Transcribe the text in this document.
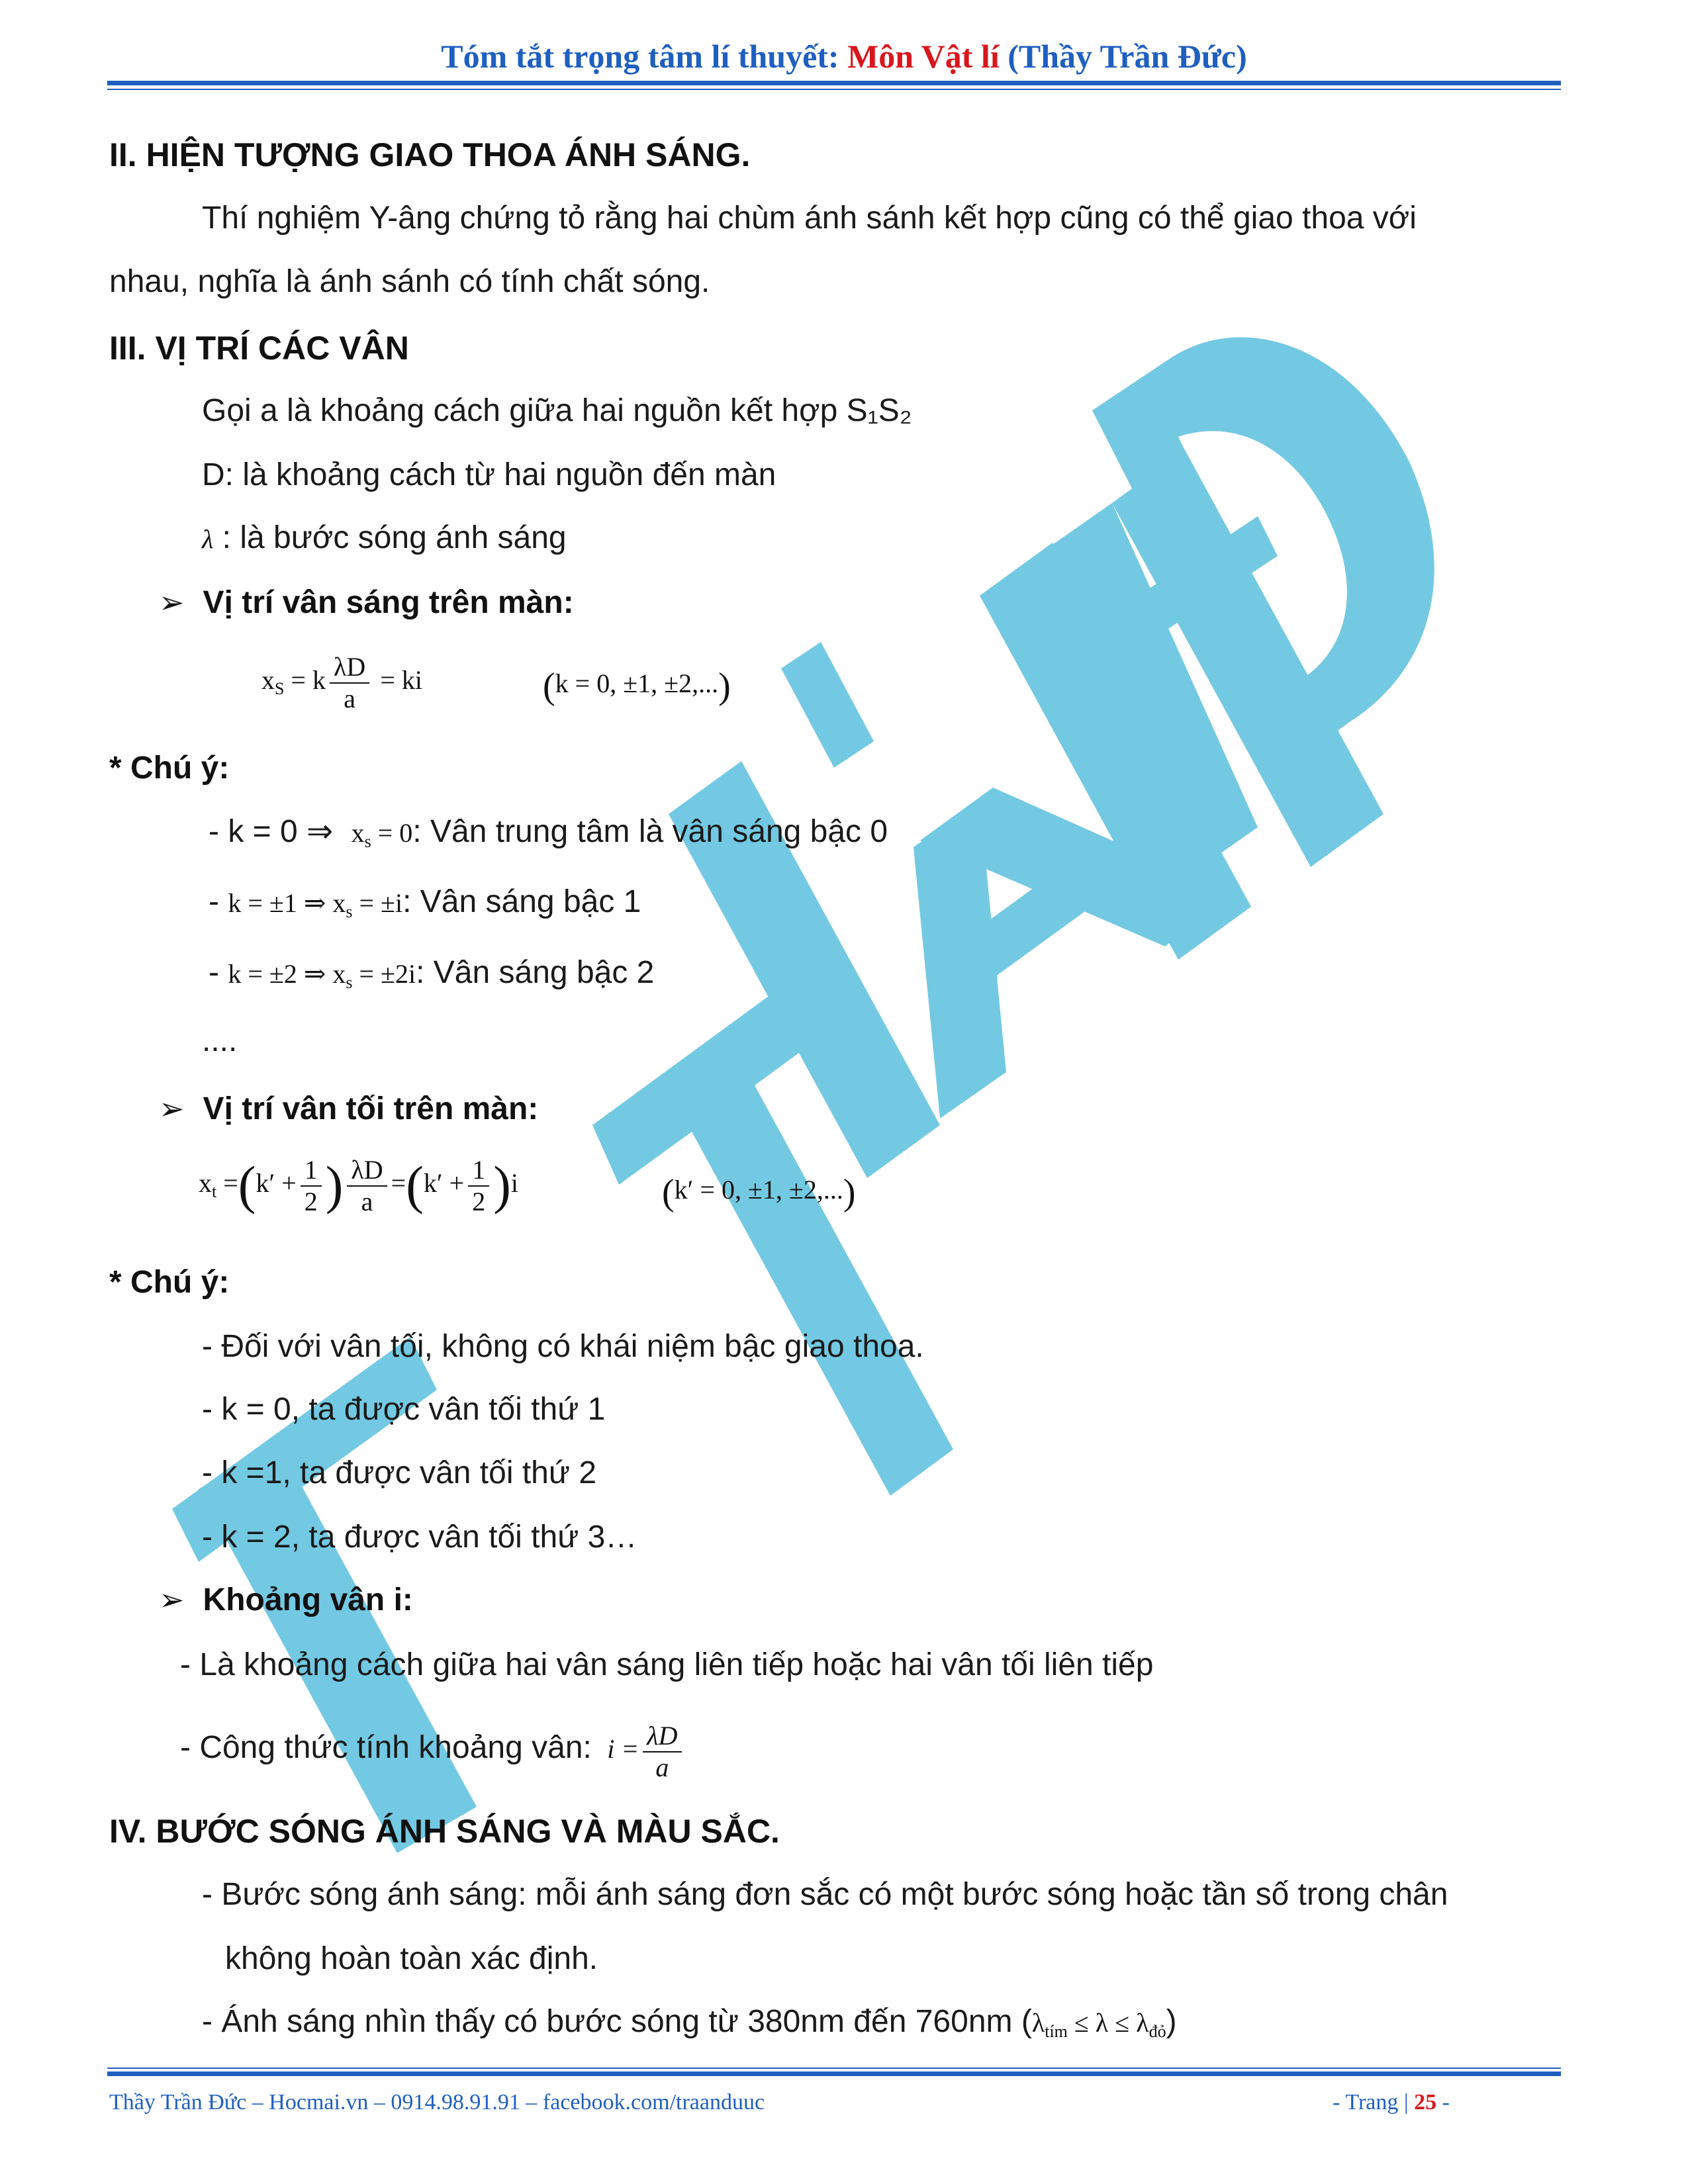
Tóm tắt trọng tâm lí thuyết: Môn Vật lí (Thầy Trần Đức)
II. HIỆN TƯỢNG GIAO THOA ÁNH SÁNG.
Thí nghiệm Y-âng chứng tỏ rằng hai chùm ánh sánh kết hợp cũng có thể giao thoa với
nhau, nghĩa là ánh sánh có tính chất sóng.
III. VỊ TRÍ CÁC VÂN
Gọi a là khoảng cách giữa hai nguồn kết hợp S₁S₂
D: là khoảng cách từ hai nguồn đến màn
λ : là bước sóng ánh sáng
➢ Vị trí vân sáng trên màn:
$x_S = k \frac{\lambda D}{a}$ = ki	(k = 0, ±1, ±2,...)
* Chú ý:
- k = 0 ⇒ $x_s = 0$: Vân trung tâm là vân sáng bậc 0
- k = ±1 ⇒ $x_s = \pm i$: Vân sáng bậc 1
- k = ±2 ⇒ $x_s = \pm 2i$: Vân sáng bậc 2
....
➢ Vị trí vân tối trên màn:
$x_t =(k' + \frac{1}{2}$ ) $\frac{\lambda D}{a} =(k' + \frac{1}{2} )i$	(k′ = 0, ±1, ±2,...)
* Chú ý:
- Đối với vân tối, không có khái niệm bậc giao thoa.
- k = 0, ta được vân tối thứ 1
- k =1, ta được vân tối thứ 2
- k = 2, ta được vân tối thứ 3…
➢ Khoảng vân i:
- Là khoảng cách giữa hai vân sáng liên tiếp hoặc hai vân tối liên tiếp
- Công thức tính khoảng vân: $i = \frac{\lambda D}{a}$
IV. BƯỚC SÓNG ÁNH SÁNG VÀ MÀU SẮC.
- Bước sóng ánh sáng: mỗi ánh sáng đơn sắc có một bước sóng hoặc tần số trong chân
không hoàn toàn xác định.
- Ánh sáng nhìn thấy có bước sóng từ 380nm đến 760nm $(\lambda_{tím} \le \lambda \le \lambda_{đỏ})$
Thầy Trần Đức – Hocmai.vn – 0914.98.91.91 – facebook.com/traanduuc	- Trang | 25 -
